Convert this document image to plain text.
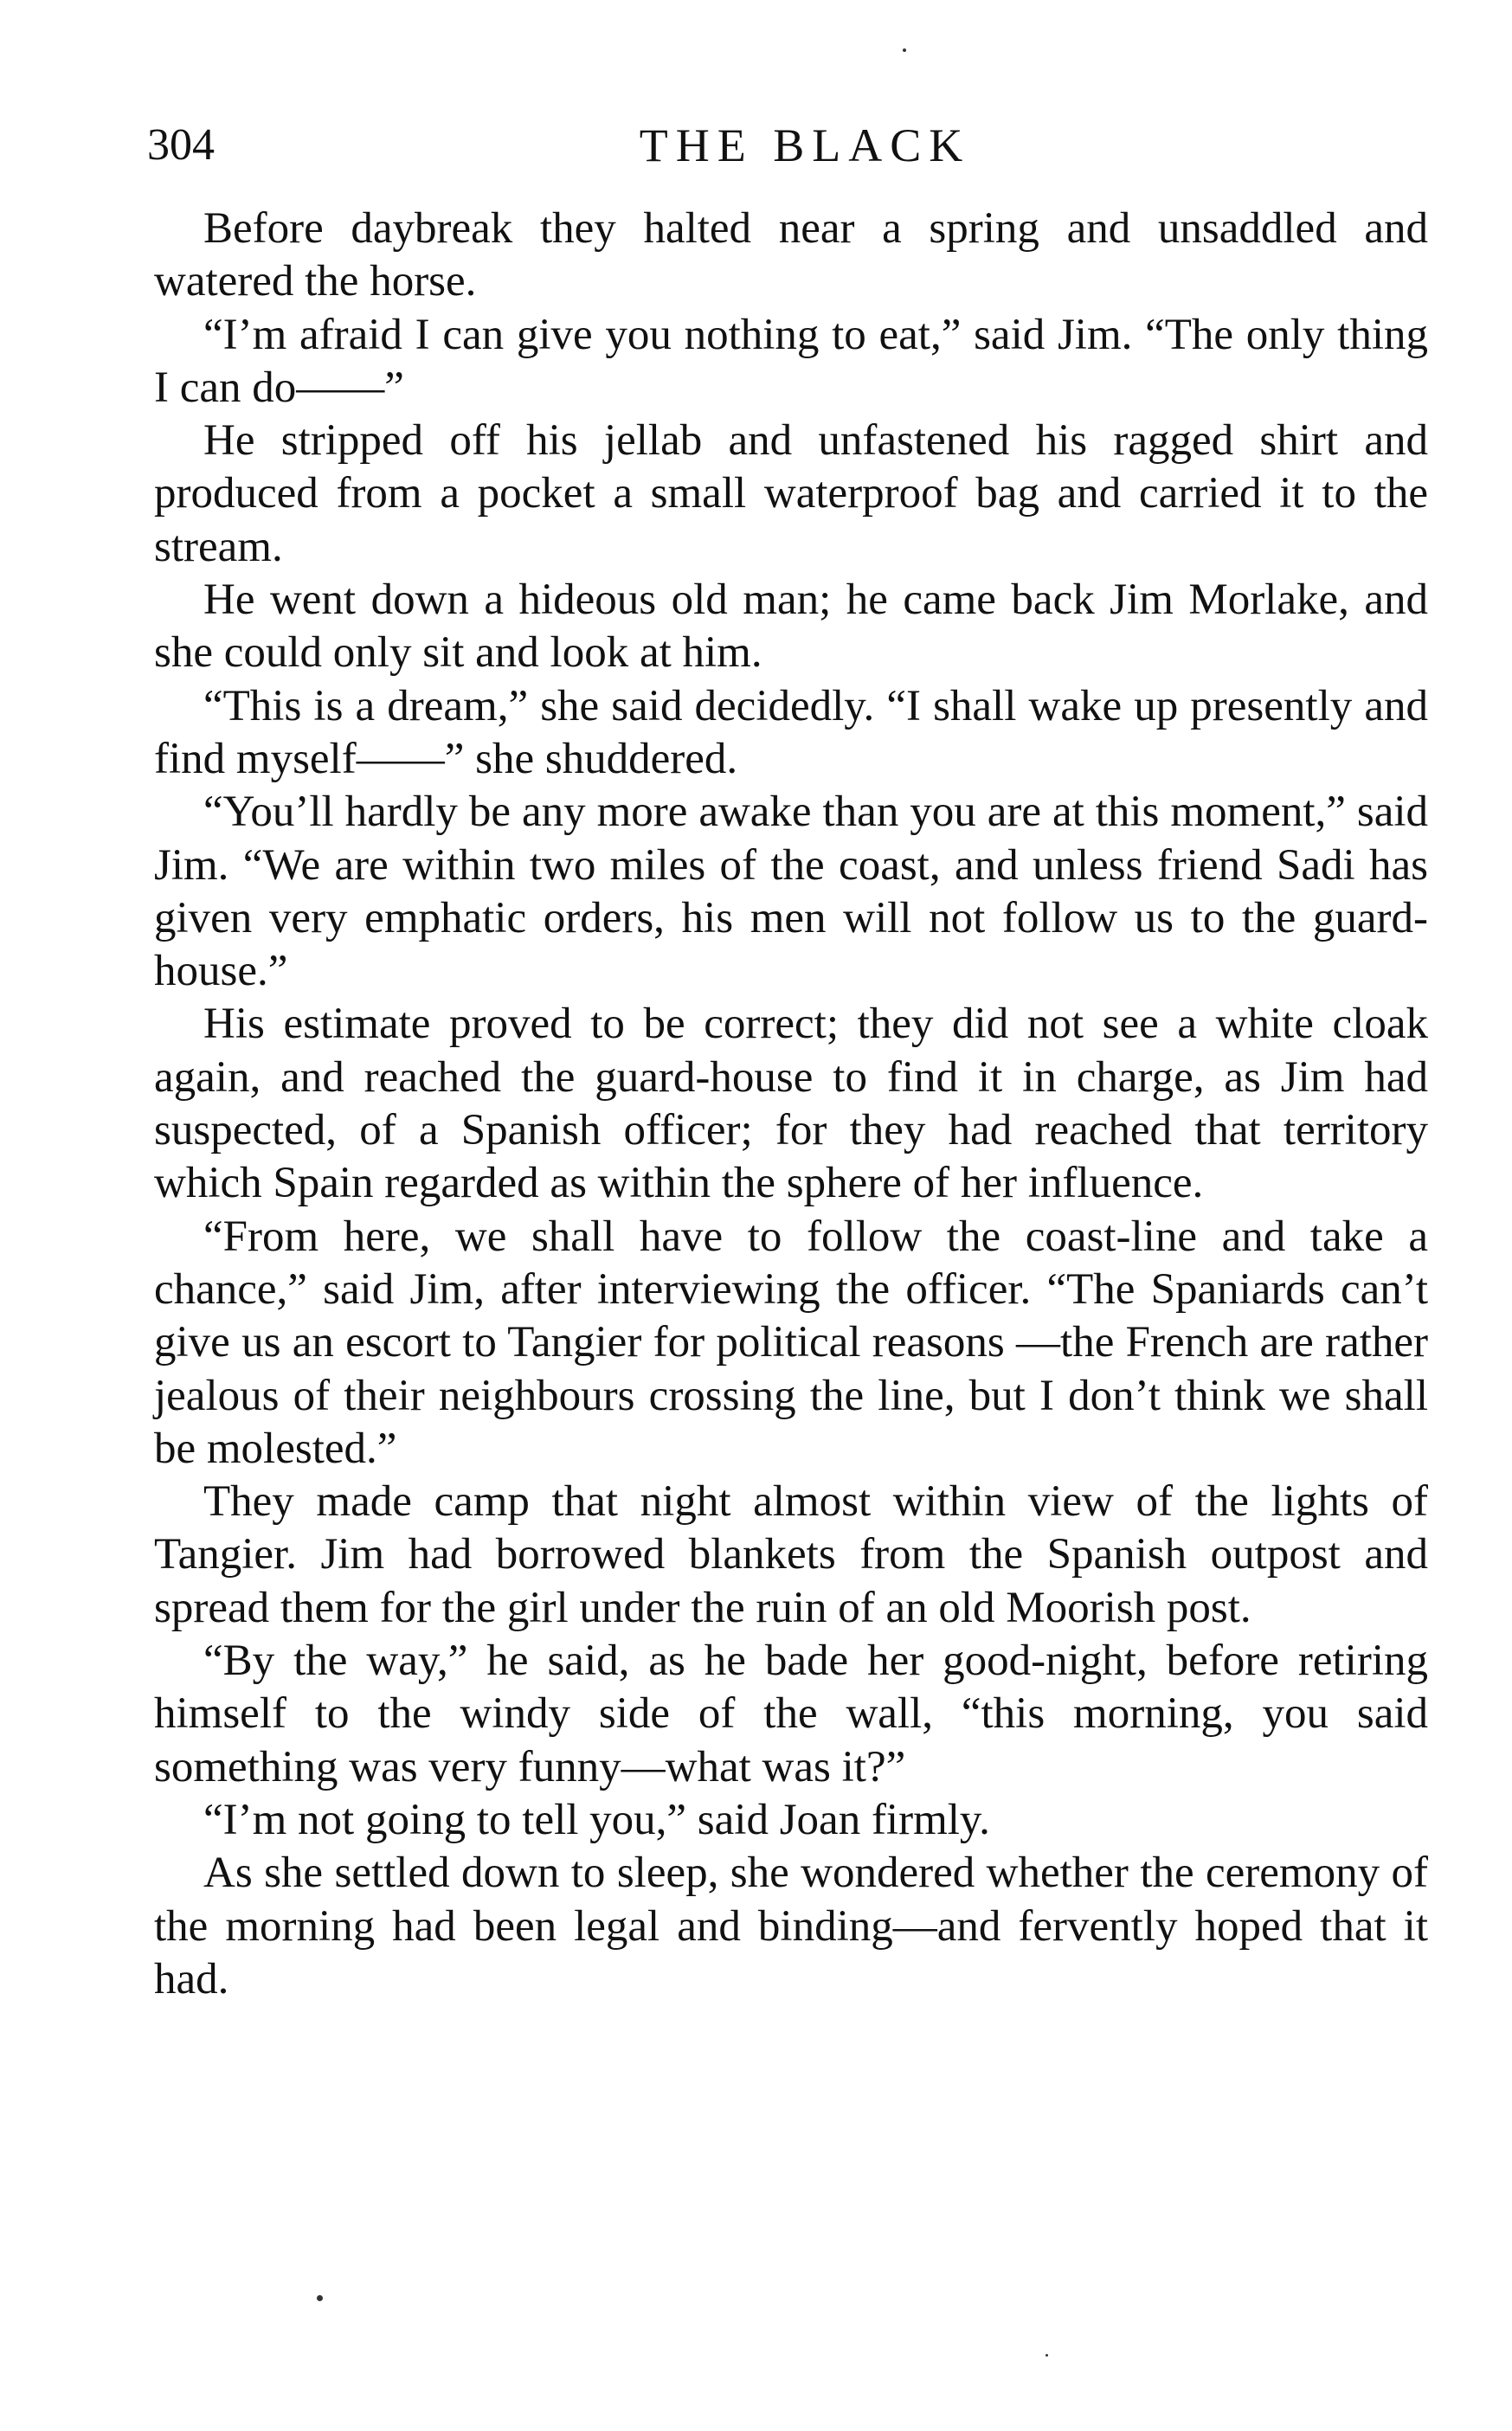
304	THE BLACK

Before daybreak they halted near a spring and unsaddled and watered the horse.

“I’m afraid I can give you nothing to eat,” said Jim. “The only thing I can do——”

He stripped off his jellab and unfastened his ragged shirt and produced from a pocket a small waterproof bag and carried it to the stream.

He went down a hideous old man; he came back Jim Morlake, and she could only sit and look at him.

“This is a dream,” she said decidedly. “I shall wake up presently and find myself——” she shuddered.

“You’ll hardly be any more awake than you are at this moment,” said Jim. “We are within two miles of the coast, and unless friend Sadi has given very emphatic orders, his men will not follow us to the guard-house.”

His estimate proved to be correct; they did not see a white cloak again, and reached the guard-house to find it in charge, as Jim had suspected, of a Spanish officer; for they had reached that territory which Spain regarded as within the sphere of her influence.

“From here, we shall have to follow the coast-line and take a chance,” said Jim, after interviewing the officer. “The Spaniards can’t give us an escort to Tangier for political reasons —the French are rather jealous of their neighbours crossing the line, but I don’t think we shall be molested.”

They made camp that night almost within view of the lights of Tangier. Jim had borrowed blankets from the Spanish outpost and spread them for the girl under the ruin of an old Moorish post.

“By the way,” he said, as he bade her good-night, before retiring himself to the windy side of the wall, “this morning, you said something was very funny—what was it?”

“I’m not going to tell you,” said Joan firmly.

As she settled down to sleep, she wondered whether the ceremony of the morning had been legal and binding—and fervently hoped that it had.
